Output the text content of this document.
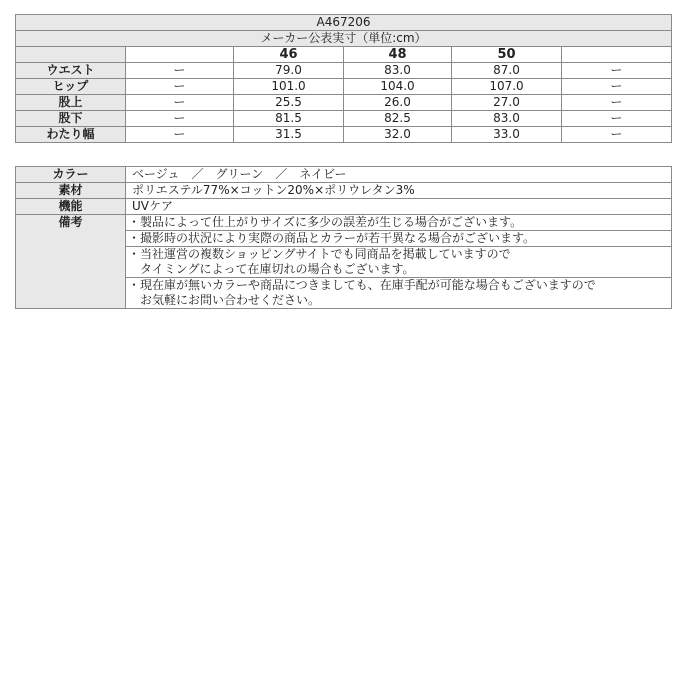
A467206					
メーカー公表実寸（単位:cm）					
		46	48	50	
ウエスト	ー	79.0	83.0	87.0	ー
ヒップ	ー	101.0	104.0	107.0	ー
股上	ー	25.5	26.0	27.0	ー
股下	ー	81.5	82.5	83.0	ー
わたり幅	ー	31.5	32.0	33.0	ー
カラー	ベージュ　／　グリーン　／　ネイビー
素材	ポリエステル77%×コットン20%×ポリウレタン3%
機能	UVケア
備考	・製品によって仕上がりサイズに多少の誤差が生じる場合がございます。

	・撮影時の状況により実際の商品とカラーが若干異なる場合がございます。

	・当社運営の複数ショッピングサイトでも同商品を掲載していますので
　タイミングによって在庫切れの場合もございます。

	・現在庫が無いカラーや商品につきましても、在庫手配が可能な場合もございますので
　お気軽にお問い合わせください。
